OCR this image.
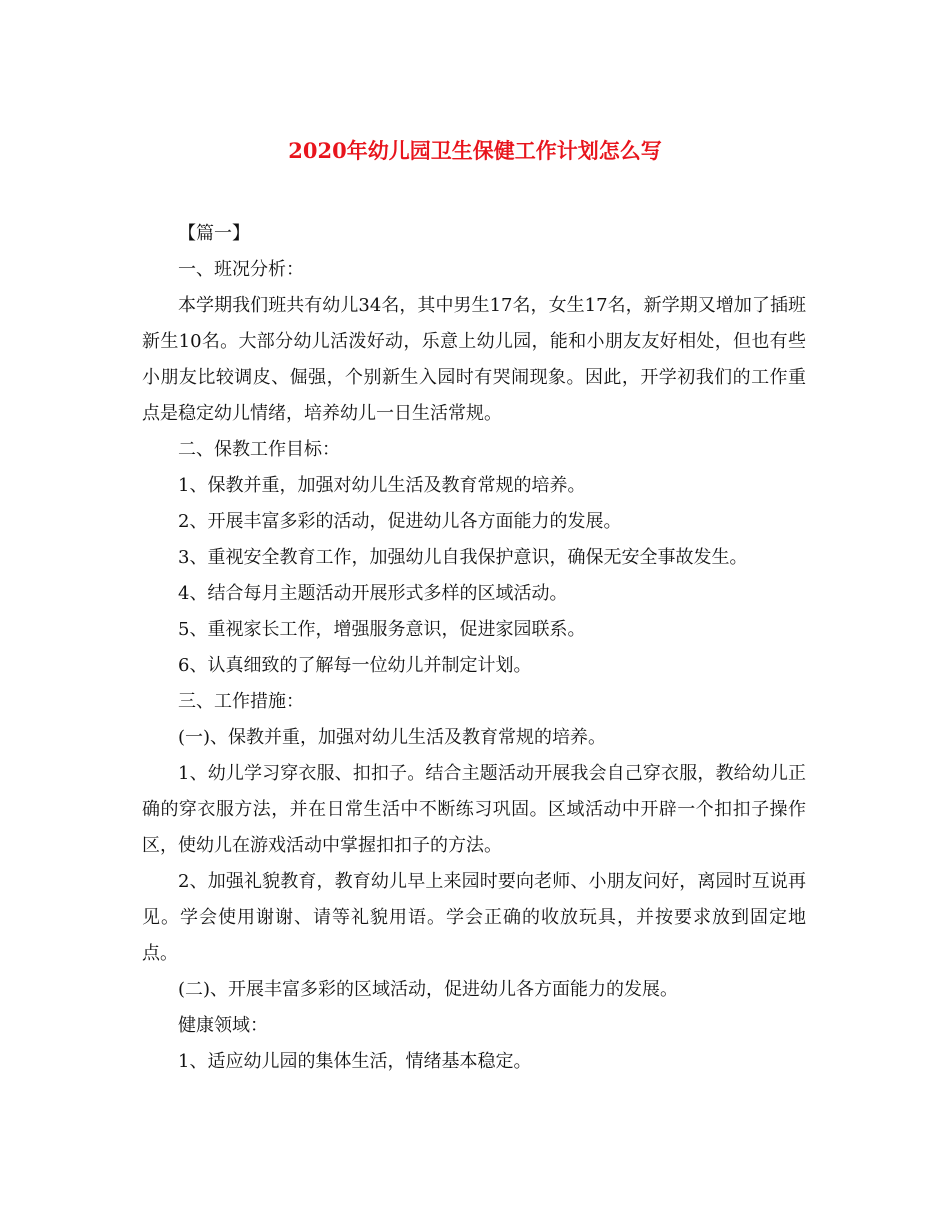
2020年幼儿园卫生保健工作计划怎么写

【篇一】

一、班况分析：

本学期我们班共有幼儿34名，其中男生17名，女生17名，新学期又增加了插班新生10名。大部分幼儿活泼好动，乐意上幼儿园，能和小朋友友好相处，但也有些小朋友比较调皮、倔强，个别新生入园时有哭闹现象。因此，开学初我们的工作重点是稳定幼儿情绪，培养幼儿一日生活常规。

二、保教工作目标：

1、保教并重，加强对幼儿生活及教育常规的培养。

2、开展丰富多彩的活动，促进幼儿各方面能力的发展。

3、重视安全教育工作，加强幼儿自我保护意识，确保无安全事故发生。

4、结合每月主题活动开展形式多样的区域活动。

5、重视家长工作，增强服务意识，促进家园联系。

6、认真细致的了解每一位幼儿并制定计划。

三、工作措施：

(一)、保教并重，加强对幼儿生活及教育常规的培养。

1、幼儿学习穿衣服、扣扣子。结合主题活动开展我会自己穿衣服，教给幼儿正确的穿衣服方法，并在日常生活中不断练习巩固。区域活动中开辟一个扣扣子操作区，使幼儿在游戏活动中掌握扣扣子的方法。

2、加强礼貌教育，教育幼儿早上来园时要向老师、小朋友问好，离园时互说再见。学会使用谢谢、请等礼貌用语。学会正确的收放玩具，并按要求放到固定地点。

(二)、开展丰富多彩的区域活动，促进幼儿各方面能力的发展。

健康领域：

1、适应幼儿园的集体生活，情绪基本稳定。
